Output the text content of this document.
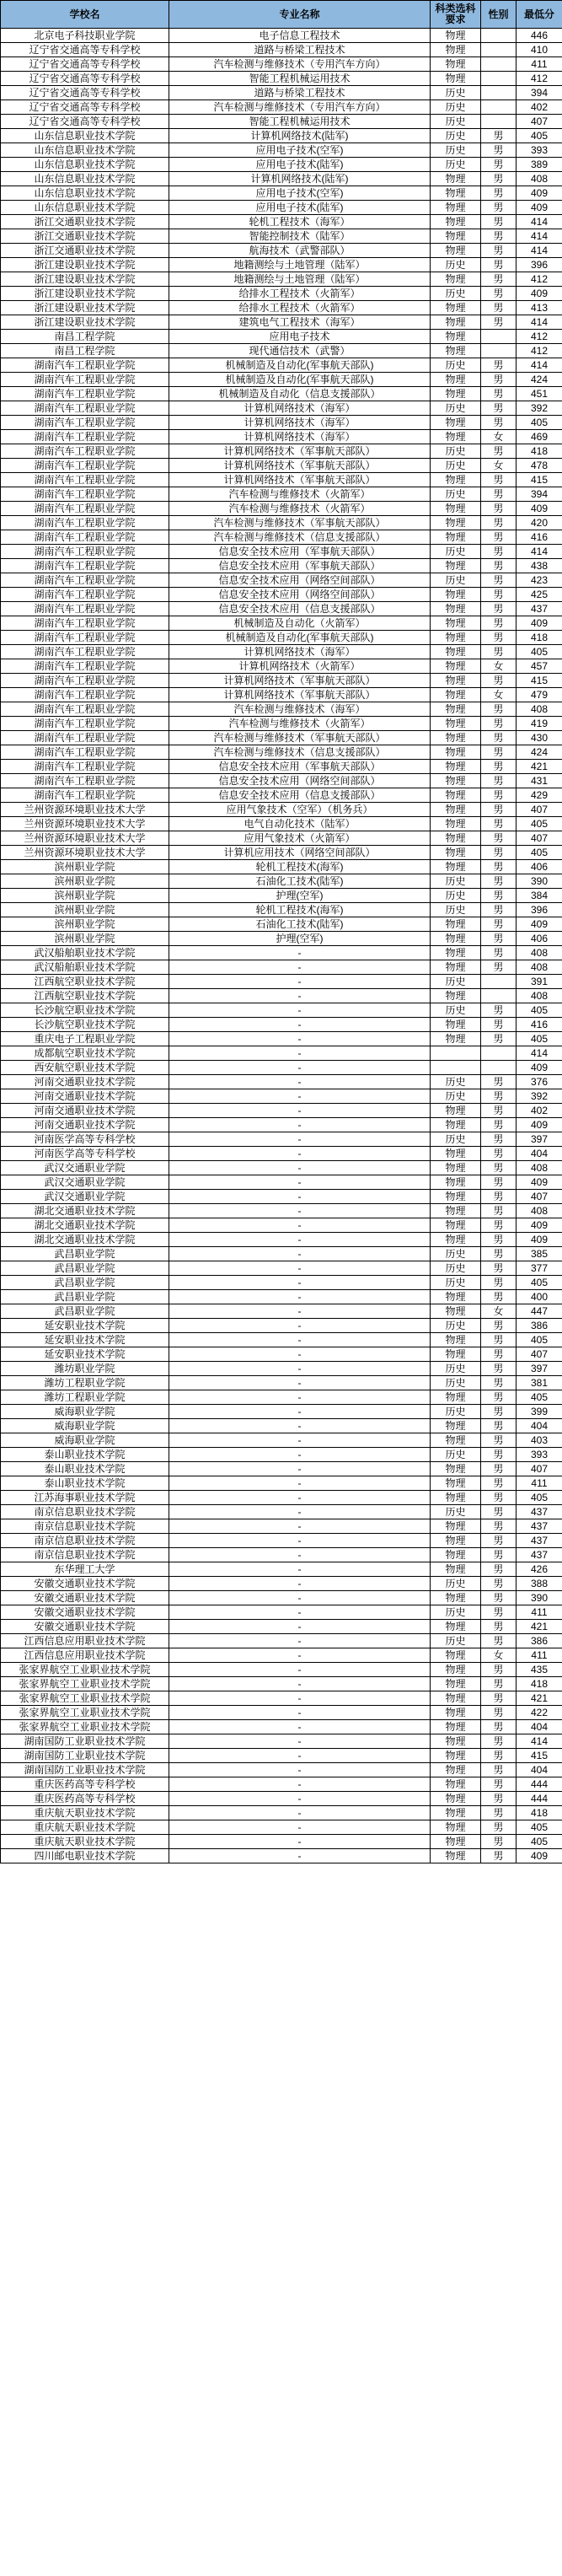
学校名	专业名称	科类选科要求	性别	最低分
北京电子科技职业学院	电子信息工程技术	物理		446
辽宁省交通高等专科学校	道路与桥梁工程技术	物理		410
辽宁省交通高等专科学校	汽车检测与维修技术（专用汽车方向）	物理		411
辽宁省交通高等专科学校	智能工程机械运用技术	物理		412
辽宁省交通高等专科学校	道路与桥梁工程技术	历史		394
辽宁省交通高等专科学校	汽车检测与维修技术（专用汽车方向）	历史		402
辽宁省交通高等专科学校	智能工程机械运用技术	历史		407
山东信息职业技术学院	计算机网络技术(陆军)	历史	男	405
山东信息职业技术学院	应用电子技术(空军)	历史	男	393
山东信息职业技术学院	应用电子技术(陆军)	历史	男	389
山东信息职业技术学院	计算机网络技术(陆军)	物理	男	408
山东信息职业技术学院	应用电子技术(空军)	物理	男	409
山东信息职业技术学院	应用电子技术(陆军)	物理	男	409
浙江交通职业技术学院	轮机工程技术（海军）	物理	男	414
浙江交通职业技术学院	智能控制技术（陆军）	物理	男	414
浙江交通职业技术学院	航海技术（武警部队）	物理	男	414
浙江建设职业技术学院	地籍测绘与土地管理（陆军）	历史	男	396
浙江建设职业技术学院	地籍测绘与土地管理（陆军）	物理	男	412
浙江建设职业技术学院	给排水工程技术（火箭军）	历史	男	409
浙江建设职业技术学院	给排水工程技术（火箭军）	物理	男	413
浙江建设职业技术学院	建筑电气工程技术（海军）	物理	男	414
南昌工程学院	应用电子技术	物理		412
南昌工程学院	现代通信技术（武警）	物理		412
湖南汽车工程职业学院	机械制造及自动化(军事航天部队)	历史	男	414
湖南汽车工程职业学院	机械制造及自动化(军事航天部队)	物理	男	424
湖南汽车工程职业学院	机械制造及自动化（信息支援部队）	物理	男	451
湖南汽车工程职业学院	计算机网络技术（海军）	历史	男	392
湖南汽车工程职业学院	计算机网络技术（海军）	物理	男	405
湖南汽车工程职业学院	计算机网络技术（海军）	物理	女	469
湖南汽车工程职业学院	计算机网络技术（军事航天部队）	历史	男	418
湖南汽车工程职业学院	计算机网络技术（军事航天部队）	历史	女	478
湖南汽车工程职业学院	计算机网络技术（军事航天部队）	物理	男	415
湖南汽车工程职业学院	汽车检测与维修技术（火箭军）	历史	男	394
湖南汽车工程职业学院	汽车检测与维修技术（火箭军）	物理	男	409
湖南汽车工程职业学院	汽车检测与维修技术（军事航天部队）	物理	男	420
湖南汽车工程职业学院	汽车检测与维修技术（信息支援部队）	物理	男	416
湖南汽车工程职业学院	信息安全技术应用（军事航天部队）	历史	男	414
湖南汽车工程职业学院	信息安全技术应用（军事航天部队）	物理	男	438
湖南汽车工程职业学院	信息安全技术应用（网络空间部队）	历史	男	423
湖南汽车工程职业学院	信息安全技术应用（网络空间部队）	物理	男	425
湖南汽车工程职业学院	信息安全技术应用（信息支援部队）	物理	男	437
湖南汽车工程职业学院	机械制造及自动化（火箭军）	物理	男	409
湖南汽车工程职业学院	机械制造及自动化(军事航天部队)	物理	男	418
湖南汽车工程职业学院	计算机网络技术（海军）	物理	男	405
湖南汽车工程职业学院	计算机网络技术（火箭军）	物理	女	457
湖南汽车工程职业学院	计算机网络技术（军事航天部队）	物理	男	415
湖南汽车工程职业学院	计算机网络技术（军事航天部队）	物理	女	479
湖南汽车工程职业学院	汽车检测与维修技术（海军）	物理	男	408
湖南汽车工程职业学院	汽车检测与维修技术（火箭军）	物理	男	419
湖南汽车工程职业学院	汽车检测与维修技术（军事航天部队）	物理	男	430
湖南汽车工程职业学院	汽车检测与维修技术（信息支援部队）	物理	男	424
湖南汽车工程职业学院	信息安全技术应用（军事航天部队）	物理	男	421
湖南汽车工程职业学院	信息安全技术应用（网络空间部队）	物理	男	431
湖南汽车工程职业学院	信息安全技术应用（信息支援部队）	物理	男	429
兰州资源环境职业技术大学	应用气象技术（空军）（机务兵）	物理	男	407
兰州资源环境职业技术大学	电气自动化技术（陆军）	物理	男	405
兰州资源环境职业技术大学	应用气象技术（火箭军）	物理	男	407
兰州资源环境职业技术大学	计算机应用技术（网络空间部队）	物理	男	405
滨州职业学院	轮机工程技术(海军)	物理	男	406
滨州职业学院	石油化工技术(陆军)	历史	男	390
滨州职业学院	护理(空军)	历史	男	384
滨州职业学院	轮机工程技术(海军)	历史	男	396
滨州职业学院	石油化工技术(陆军)	物理	男	409
滨州职业学院	护理(空军)	物理	男	406
武汉船舶职业技术学院	-	物理	男	408
武汉船舶职业技术学院	-	物理	男	408
江西航空职业技术学院	-	历史		391
江西航空职业技术学院	-	物理		408
长沙航空职业技术学院	-	历史	男	405
长沙航空职业技术学院	-	物理	男	416
重庆电子工程职业学院	-	物理	男	405
成都航空职业技术学院	-			414
西安航空职业技术学院	-			409
河南交通职业技术学院	-	历史	男	376
河南交通职业技术学院	-	历史	男	392
河南交通职业技术学院	-	物理	男	402
河南交通职业技术学院	-	物理	男	409
河南医学高等专科学校	-	历史	男	397
河南医学高等专科学校	-	物理	男	404
武汉交通职业学院	-	物理	男	408
武汉交通职业学院	-	物理	男	409
武汉交通职业学院	-	物理	男	407
湖北交通职业技术学院	-	物理	男	408
湖北交通职业技术学院	-	物理	男	409
湖北交通职业技术学院	-	物理	男	409
武昌职业学院	-	历史	男	385
武昌职业学院	-	历史	男	377
武昌职业学院	-	历史	男	405
武昌职业学院	-	物理	男	400
武昌职业学院	-	物理	女	447
延安职业技术学院	-	历史	男	386
延安职业技术学院	-	物理	男	405
延安职业技术学院	-	物理	男	407
潍坊职业学院	-	历史	男	397
潍坊工程职业学院	-	历史	男	381
潍坊工程职业学院	-	物理	男	405
威海职业学院	-	历史	男	399
威海职业学院	-	物理	男	404
威海职业学院	-	物理	男	403
泰山职业技术学院	-	历史	男	393
泰山职业技术学院	-	物理	男	407
泰山职业技术学院	-	物理	男	411
江苏海事职业技术学院	-	物理	男	405
南京信息职业技术学院	-	历史	男	437
南京信息职业技术学院	-	物理	男	437
南京信息职业技术学院	-	物理	男	437
南京信息职业技术学院	-	物理	男	437
东华理工大学	-	物理	男	426
安徽交通职业技术学院	-	历史	男	388
安徽交通职业技术学院	-	物理	男	390
安徽交通职业技术学院	-	历史	男	411
安徽交通职业技术学院	-	物理	男	421
江西信息应用职业技术学院	-	历史	男	386
江西信息应用职业技术学院	-	物理	女	411
张家界航空工业职业技术学院	-	物理	男	435
张家界航空工业职业技术学院	-	物理	男	418
张家界航空工业职业技术学院	-	物理	男	421
张家界航空工业职业技术学院	-	物理	男	422
张家界航空工业职业技术学院	-	物理	男	404
湖南国防工业职业技术学院	-	物理	男	414
湖南国防工业职业技术学院	-	物理	男	415
湖南国防工业职业技术学院	-	物理	男	404
重庆医药高等专科学校	-	物理	男	444
重庆医药高等专科学校	-	物理	男	444
重庆航天职业技术学院	-	物理	男	418
重庆航天职业技术学院	-	物理	男	405
重庆航天职业技术学院	-	物理	男	405
四川邮电职业技术学院	-	物理	男	409
